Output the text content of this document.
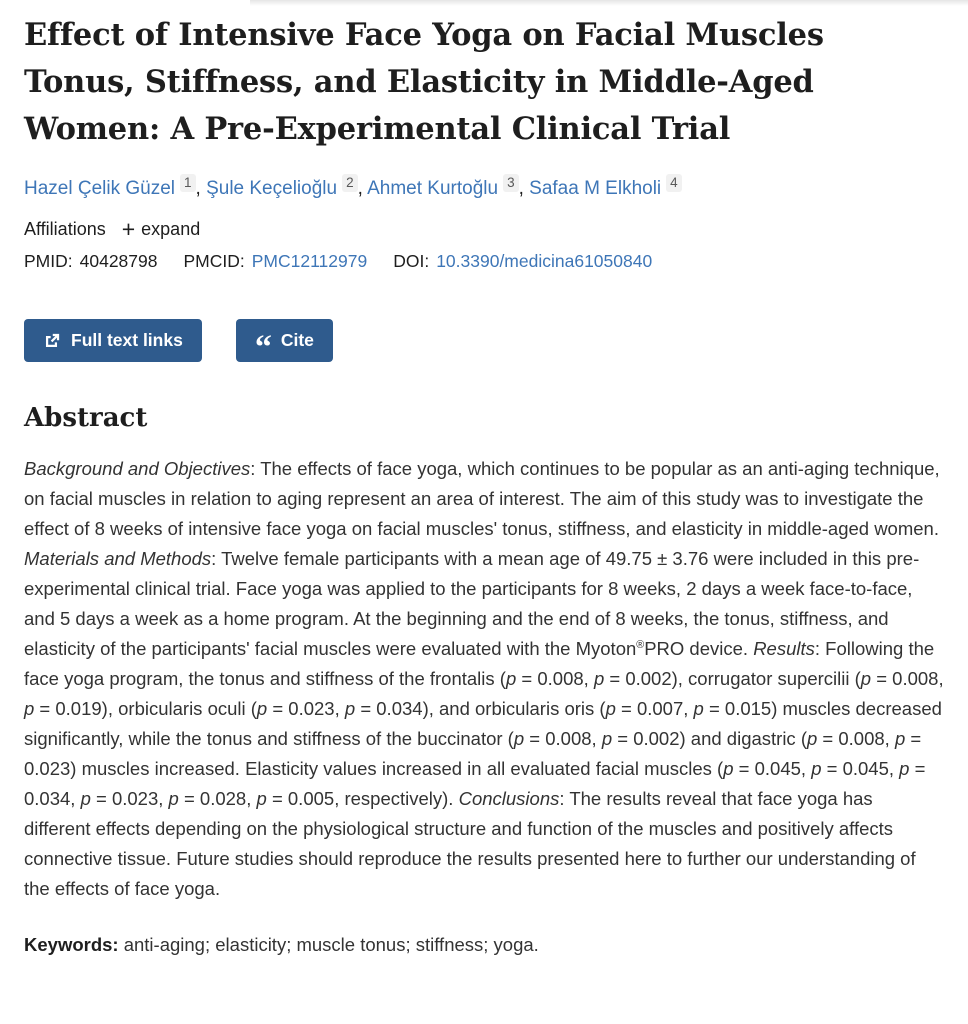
Effect of Intensive Face Yoga on Facial Muscles Tonus, Stiffness, and Elasticity in Middle-Aged Women: A Pre-Experimental Clinical Trial
Hazel Çelik Güzel $^1$ , Şule Keçelioğlu $^2$ , Ahmet Kurtoğlu $^3$ , Safaa M Elkholi $^4$
Affiliations + expand
PMID: 40428798 PMCID: PMC12112979 DOI: 10.3390/medicina61050840
Full text links “ Cite
Abstract

Background and Objectives: The effects of face yoga, which continues to be popular as an anti-aging technique, on facial muscles in relation to aging represent an area of interest. The aim of this study was to investigate the effect of 8 weeks of intensive face yoga on facial muscles' tonus, stiffness, and elasticity in middle-aged women. Materials and Methods: Twelve female participants with a mean age of 49.75 ± 3.76 were included in this pre-experimental clinical trial. Face yoga was applied to the participants for 8 weeks, 2 days a week face-to-face, and 5 days a week as a home program. At the beginning and the end of 8 weeks, the tonus, stiffness, and elasticity of the participants' facial muscles were evaluated with the Myoton®PRO device. Results: Following the face yoga program, the tonus and stiffness of the frontalis (p = 0.008, p = 0.002), corrugator supercilii (p = 0.008, p = 0.019), orbicularis oculi (p = 0.023, p = 0.034), and orbicularis oris (p = 0.007, p = 0.015) muscles decreased significantly, while the tonus and stiffness of the buccinator (p = 0.008, p = 0.002) and digastric (p = 0.008, p = 0.023) muscles increased. Elasticity values increased in all evaluated facial muscles (p = 0.045, p = 0.045, p = 0.034, p = 0.023, p = 0.028, p = 0.005, respectively). Conclusions: The results reveal that face yoga has different effects depending on the physiological structure and function of the muscles and positively affects connective tissue. Future studies should reproduce the results presented here to further our understanding of the effects of face yoga.

Keywords: anti-aging; elasticity; muscle tonus; stiffness; yoga.
